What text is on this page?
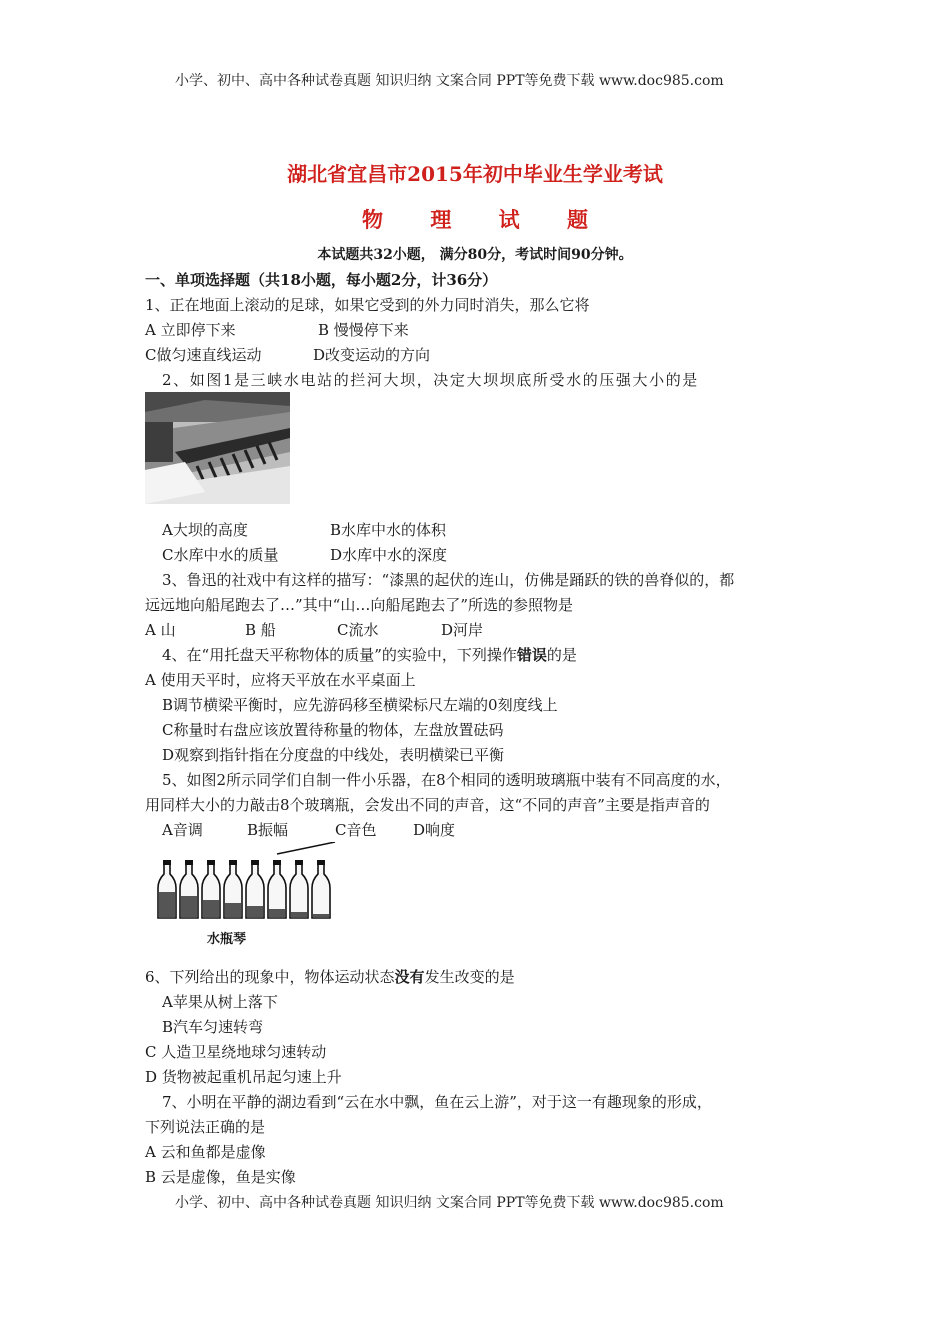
小学、初中、高中各种试卷真题 知识归纳 文案合同 PPT等免费下载 www.doc985.com
湖北省宜昌市2015年初中毕业生学业考试
物 理 试 题
本试题共32小题， 满分80分，考试时间90分钟。
一、单项选择题（共18小题，每小题2分，计36分）
1、正在地面上滚动的足球，如果它受到的外力同时消失，那么它将
A 立即停下来	B 慢慢停下来
C做匀速直线运动	D改变运动的方向
2、如图1是三峡水电站的拦河大坝，决定大坝坝底所受水的压强大小的是
A大坝的高度	B水库中水的体积
C水库中水的质量	D水库中水的深度
3、鲁迅的社戏中有这样的描写：“漆黑的起伏的连山，仿佛是踊跃的铁的兽脊似的，都
远远地向船尾跑去了…”其中“山…向船尾跑去了”所选的参照物是
A 山	B 船	C流水	D河岸
4、在“用托盘天平称物体的质量”的实验中，下列操作错误的是
A 使用天平时，应将天平放在水平桌面上
B调节横梁平衡时，应先游码移至横梁标尺左端的0刻度线上
C称量时右盘应该放置待称量的物体，左盘放置砝码
D观察到指针指在分度盘的中线处，表明横梁已平衡
5、如图2所示同学们自制一件小乐器，在8个相同的透明玻璃瓶中装有不同高度的水，
用同样大小的力敲击8个玻璃瓶，会发出不同的声音，这“不同的声音”主要是指声音的
A音调	B振幅	C音色 D响度
水瓶琴
6、下列给出的现象中，物体运动状态没有发生改变的是
A苹果从树上落下
B汽车匀速转弯
C 人造卫星绕地球匀速转动
D 货物被起重机吊起匀速上升
7、小明在平静的湖边看到“云在水中飘，鱼在云上游”，对于这一有趣现象的形成，
下列说法正确的是
A 云和鱼都是虚像
B 云是虚像，鱼是实像
小学、初中、高中各种试卷真题 知识归纳 文案合同 PPT等免费下载 www.doc985.com
